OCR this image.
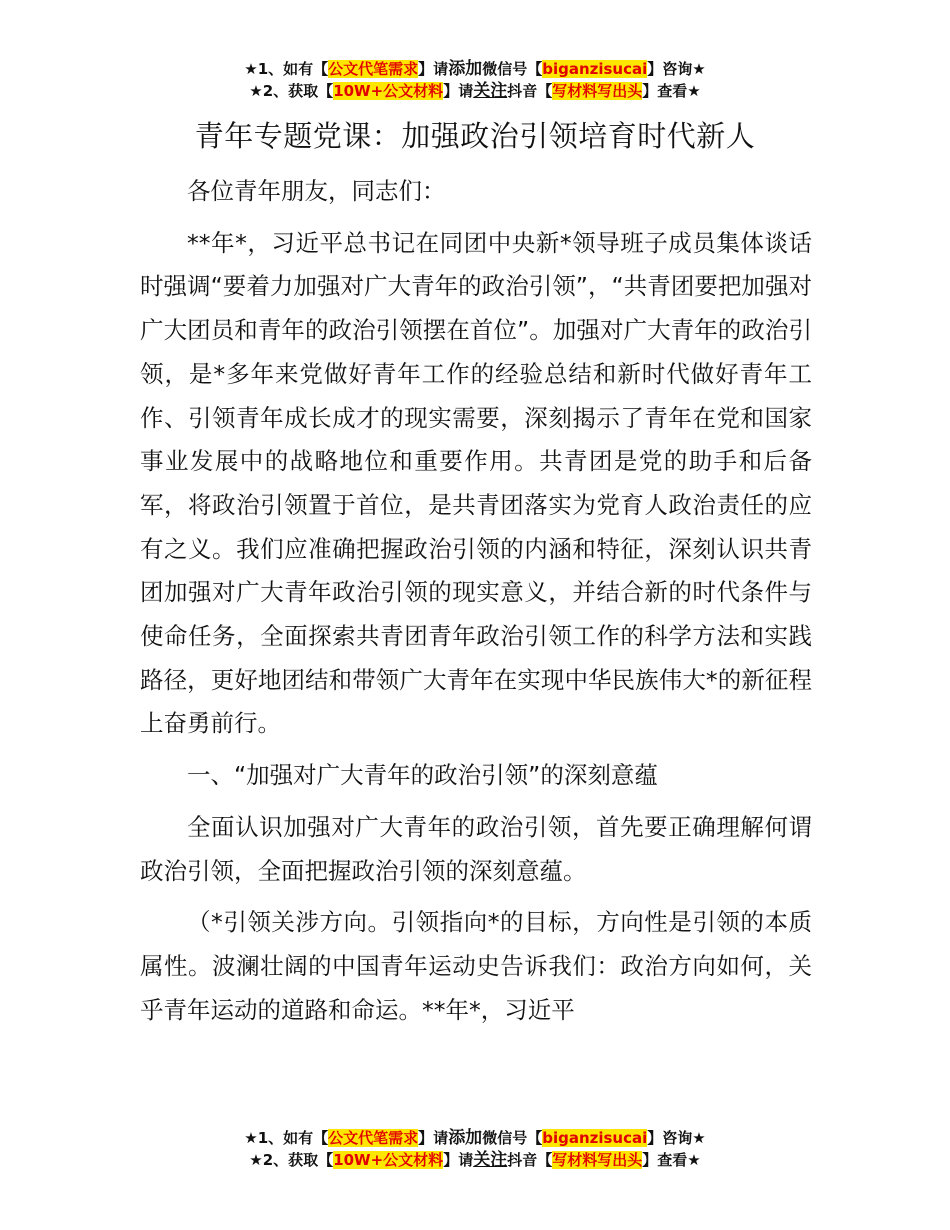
★1、如有【公文代笔需求】请添加微信号【biganzisucai】咨询★
★2、获取【10W+公文材料】请关注抖音【写材料写出头】查看★
青年专题党课：加强政治引领培育时代新人

各位青年朋友，同志们：

**年*，习近平总书记在同团中央新*领导班子成员集体谈话时强调“要着力加强对广大青年的政治引领”，“共青团要把加强对广大团员和青年的政治引领摆在首位”。加强对广大青年的政治引领，是*多年来党做好青年工作的经验总结和新时代做好青年工作、引领青年成长成才的现实需要，深刻揭示了青年在党和国家事业发展中的战略地位和重要作用。共青团是党的助手和后备军，将政治引领置于首位，是共青团落实为党育人政治责任的应有之义。我们应准确把握政治引领的内涵和特征，深刻认识共青团加强对广大青年政治引领的现实意义，并结合新的时代条件与使命任务，全面探索共青团青年政治引领工作的科学方法和实践路径，更好地团结和带领广大青年在实现中华民族伟大*的新征程上奋勇前行。

一、“加强对广大青年的政治引领”的深刻意蕴

全面认识加强对广大青年的政治引领，首先要正确理解何谓政治引领，全面把握政治引领的深刻意蕴。

（*引领关涉方向。引领指向*的目标，方向性是引领的本质属性。波澜壮阔的中国青年运动史告诉我们：政治方向如何，关乎青年运动的道路和命运。**年*，习近平

★1、如有【公文代笔需求】请添加微信号【biganzisucai】咨询★
★2、获取【10W+公文材料】请关注抖音【写材料写出头】查看★
